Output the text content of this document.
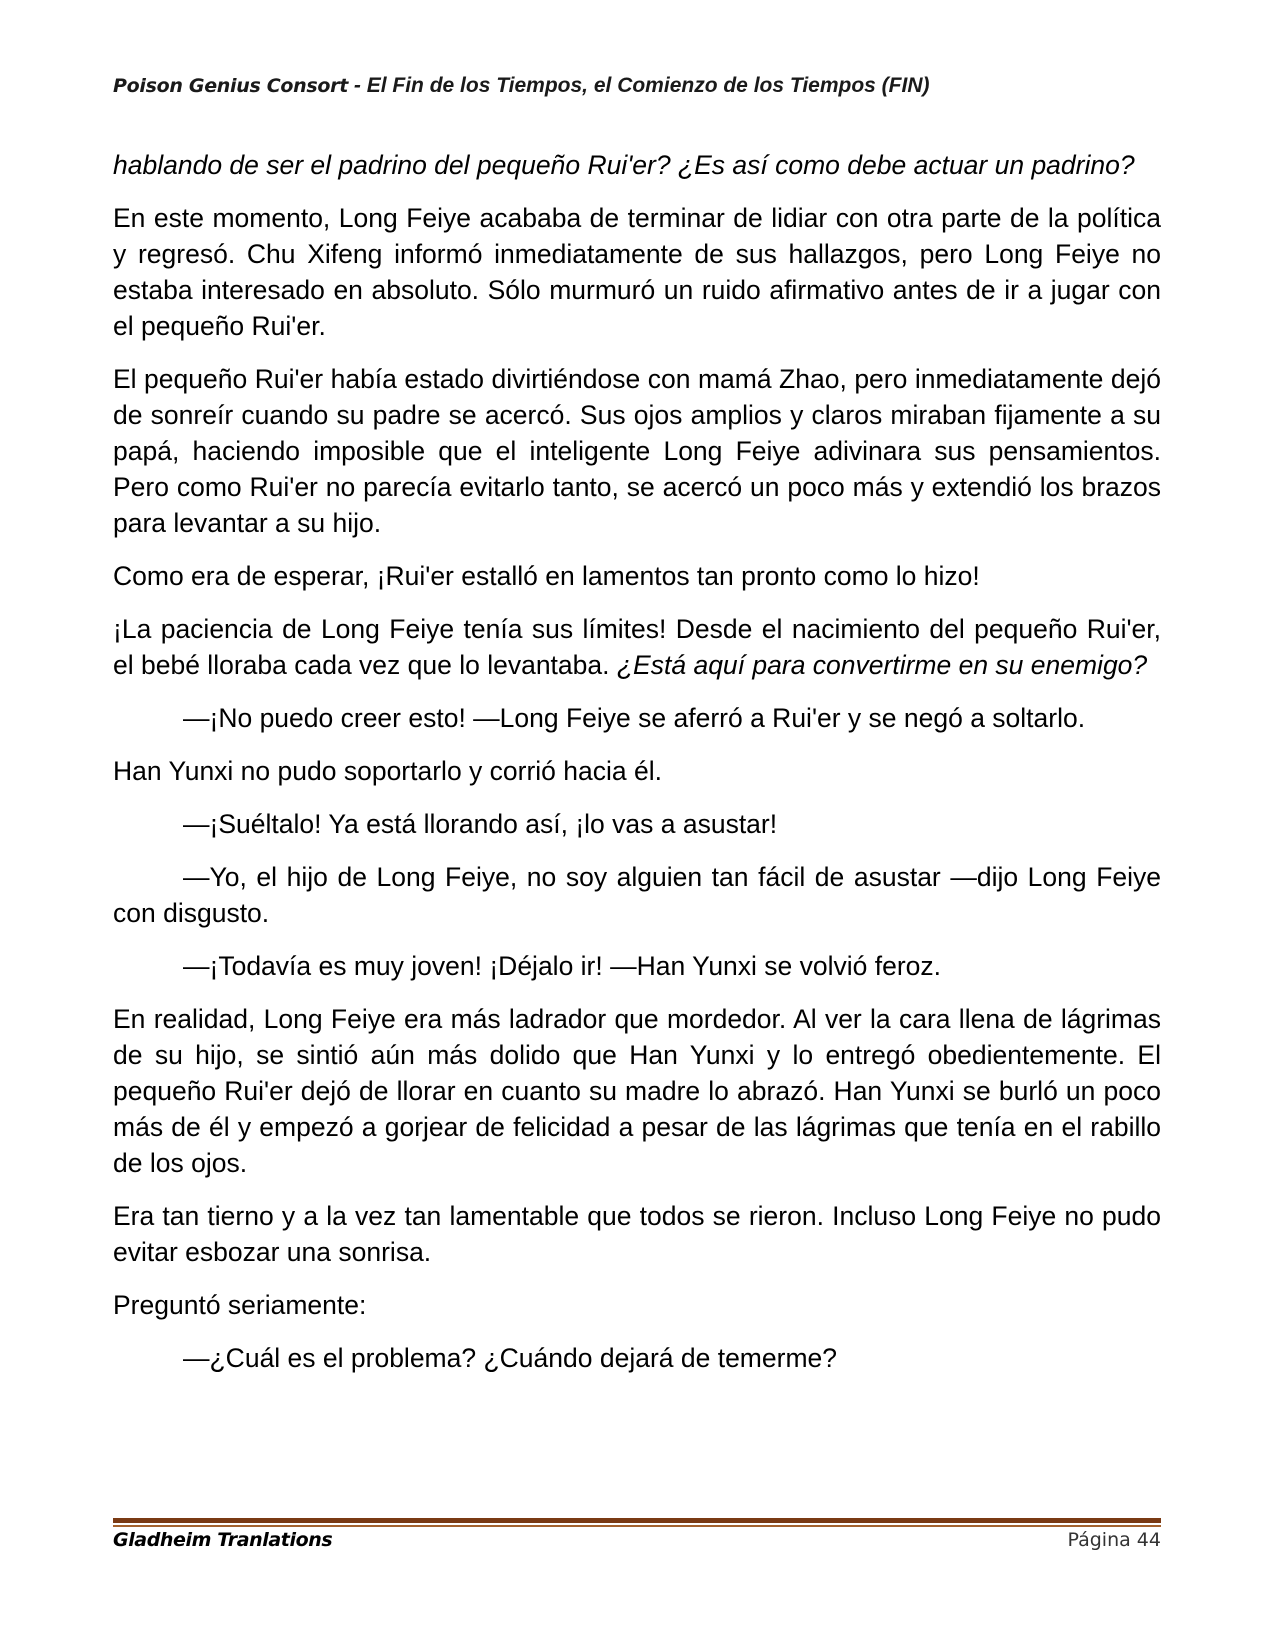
Poison Genius Consort - El Fin de los Tiempos, el Comienzo de los Tiempos (FIN)

hablando de ser el padrino del pequeño Rui'er? ¿Es así como debe actuar un padrino?

En este momento, Long Feiye acababa de terminar de lidiar con otra parte de la política y regresó. Chu Xifeng informó inmediatamente de sus hallazgos, pero Long Feiye no estaba interesado en absoluto. Sólo murmuró un ruido afirmativo antes de ir a jugar con el pequeño Rui'er.

El pequeño Rui'er había estado divirtiéndose con mamá Zhao, pero inmediatamente dejó de sonreír cuando su padre se acercó. Sus ojos amplios y claros miraban fijamente a su papá, haciendo imposible que el inteligente Long Feiye adivinara sus pensamientos. Pero como Rui'er no parecía evitarlo tanto, se acercó un poco más y extendió los brazos para levantar a su hijo.

Como era de esperar, ¡Rui'er estalló en lamentos tan pronto como lo hizo!

¡La paciencia de Long Feiye tenía sus límites! Desde el nacimiento del pequeño Rui'er, el bebé lloraba cada vez que lo levantaba. ¿Está aquí para convertirme en su enemigo?

—¡No puedo creer esto! —Long Feiye se aferró a Rui'er y se negó a soltarlo.

Han Yunxi no pudo soportarlo y corrió hacia él.

—¡Suéltalo! Ya está llorando así, ¡lo vas a asustar!

—Yo, el hijo de Long Feiye, no soy alguien tan fácil de asustar —dijo Long Feiye con disgusto.

—¡Todavía es muy joven! ¡Déjalo ir! —Han Yunxi se volvió feroz.

En realidad, Long Feiye era más ladrador que mordedor. Al ver la cara llena de lágrimas de su hijo, se sintió aún más dolido que Han Yunxi y lo entregó obedientemente. El pequeño Rui'er dejó de llorar en cuanto su madre lo abrazó. Han Yunxi se burló un poco más de él y empezó a gorjear de felicidad a pesar de las lágrimas que tenía en el rabillo de los ojos.

Era tan tierno y a la vez tan lamentable que todos se rieron. Incluso Long Feiye no pudo evitar esbozar una sonrisa.

Preguntó seriamente:

—¿Cuál es el problema? ¿Cuándo dejará de temerme?

Gladheim Tranlations	Página 44
